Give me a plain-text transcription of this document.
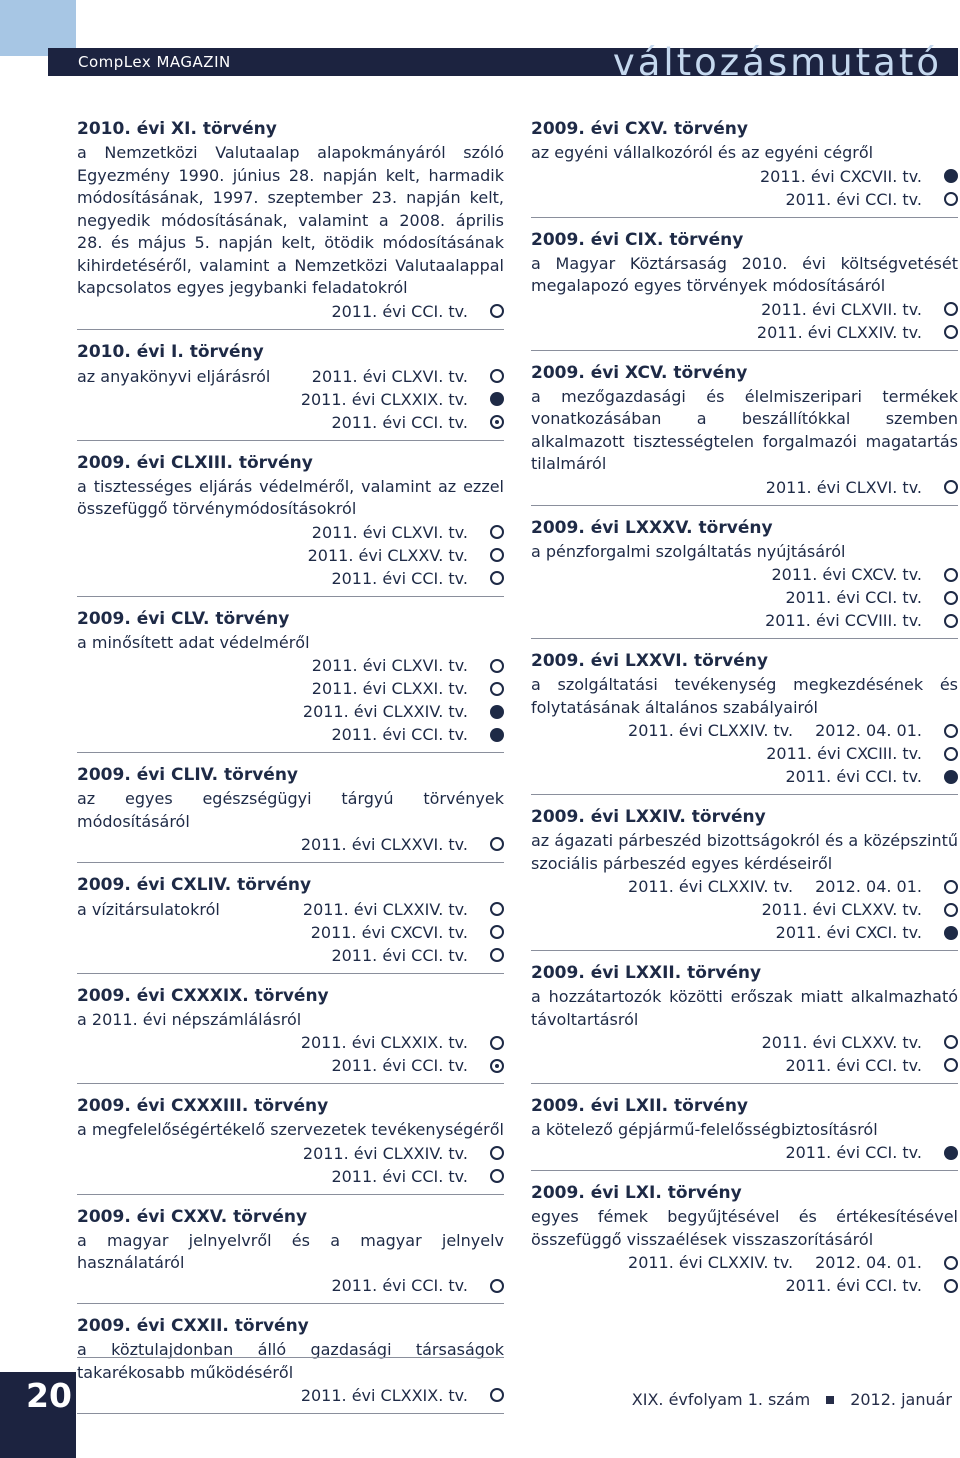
CompLex MAGAZIN	változásmutató
2010. évi XI. törvény
a Nemzetközi Valutaalap alapokmányáról szóló Egyezmény 1990. június 28. napján kelt, harmadik módosításának, 1997. szeptember 23. napján kelt, negyedik módosításának, valamint a 2008. április 28. és május 5. napján kelt, ötödik módosításának kihirdetéséről, valamint a Nemzetközi Valutaalappal kapcsolatos egyes jegybanki feladatokról
2011. évi CCI. tv.
2010. évi I. törvény
az anyakönyvi eljárásról	2011. évi CLXVI. tv.
2011. évi CLXXIX. tv.
2011. évi CCI. tv.
2009. évi CLXIII. törvény
a tisztességes eljárás védelméről, valamint az ezzel összefüggő törvénymódosításokról
2011. évi CLXVI. tv.
2011. évi CLXXV. tv.
2011. évi CCI. tv.
2009. évi CLV. törvény
a minősített adat védelméről
2011. évi CLXVI. tv.
2011. évi CLXXI. tv.
2011. évi CLXXIV. tv.
2011. évi CCI. tv.
2009. évi CLIV. törvény
az egyes egészségügyi tárgyú törvények módosításáról
2011. évi CLXXVI. tv.
2009. évi CXLIV. törvény
a vízitársulatokról	2011. évi CLXXIV. tv.
2011. évi CXCVI. tv.
2011. évi CCI. tv.
2009. évi CXXXIX. törvény
a 2011. évi népszámlálásról
2011. évi CLXXIX. tv.
2011. évi CCI. tv.
2009. évi CXXXIII. törvény
a megfelelőségértékelő szervezetek tevékenységéről
2011. évi CLXXIV. tv.
2011. évi CCI. tv.
2009. évi CXXV. törvény
a magyar jelnyelvről és a magyar jelnyelv használatáról
2011. évi CCI. tv.
2009. évi CXXII. törvény
a köztulajdonban álló gazdasági társaságok takarékosabb működéséről
2011. évi CLXXIX. tv.
2009. évi CXV. törvény
az egyéni vállalkozóról és az egyéni cégről
2011. évi CXCVII. tv.
2011. évi CCI. tv.
2009. évi CIX. törvény
a Magyar Köztársaság 2010. évi költségvetését megalapozó egyes törvények módosításáról
2011. évi CLXVII. tv.
2011. évi CLXXIV. tv.
2009. évi XCV. törvény
a mezőgazdasági és élelmiszeripari termékek vonatkozásában a beszállítókkal szemben alkalmazott tisztességtelen forgalmazói magatartás tilalmáról
2011. évi CLXVI. tv.
2009. évi LXXXV. törvény
a pénzforgalmi szolgáltatás nyújtásáról
2011. évi CXCV. tv.
2011. évi CCI. tv.
2011. évi CCVIII. tv.
2009. évi LXXVI. törvény
a szolgáltatási tevékenység megkezdésének és folytatásának általános szabályairól
2011. évi CLXXIV. tv. 2012. 04. 01.
2011. évi CXCIII. tv.
2011. évi CCI. tv.
2009. évi LXXIV. törvény
az ágazati párbeszéd bizottságokról és a középszintű szociális párbeszéd egyes kérdéseiről
2011. évi CLXXIV. tv. 2012. 04. 01.
2011. évi CLXXV. tv.
2011. évi CXCI. tv.
2009. évi LXXII. törvény
a hozzátartozók közötti erőszak miatt alkalmazható távoltartásról
2011. évi CLXXV. tv.
2011. évi CCI. tv.
2009. évi LXII. törvény
a kötelező gépjármű-felelősségbiztosításról
2011. évi CCI. tv.
2009. évi LXI. törvény
egyes fémek begyűjtésével és értékesítésével összefüggő visszaélések visszaszorításáról
2011. évi CLXXIV. tv. 2012. 04. 01.
2011. évi CCI. tv.
20	XIX. évfolyam 1. szám	2012. január
